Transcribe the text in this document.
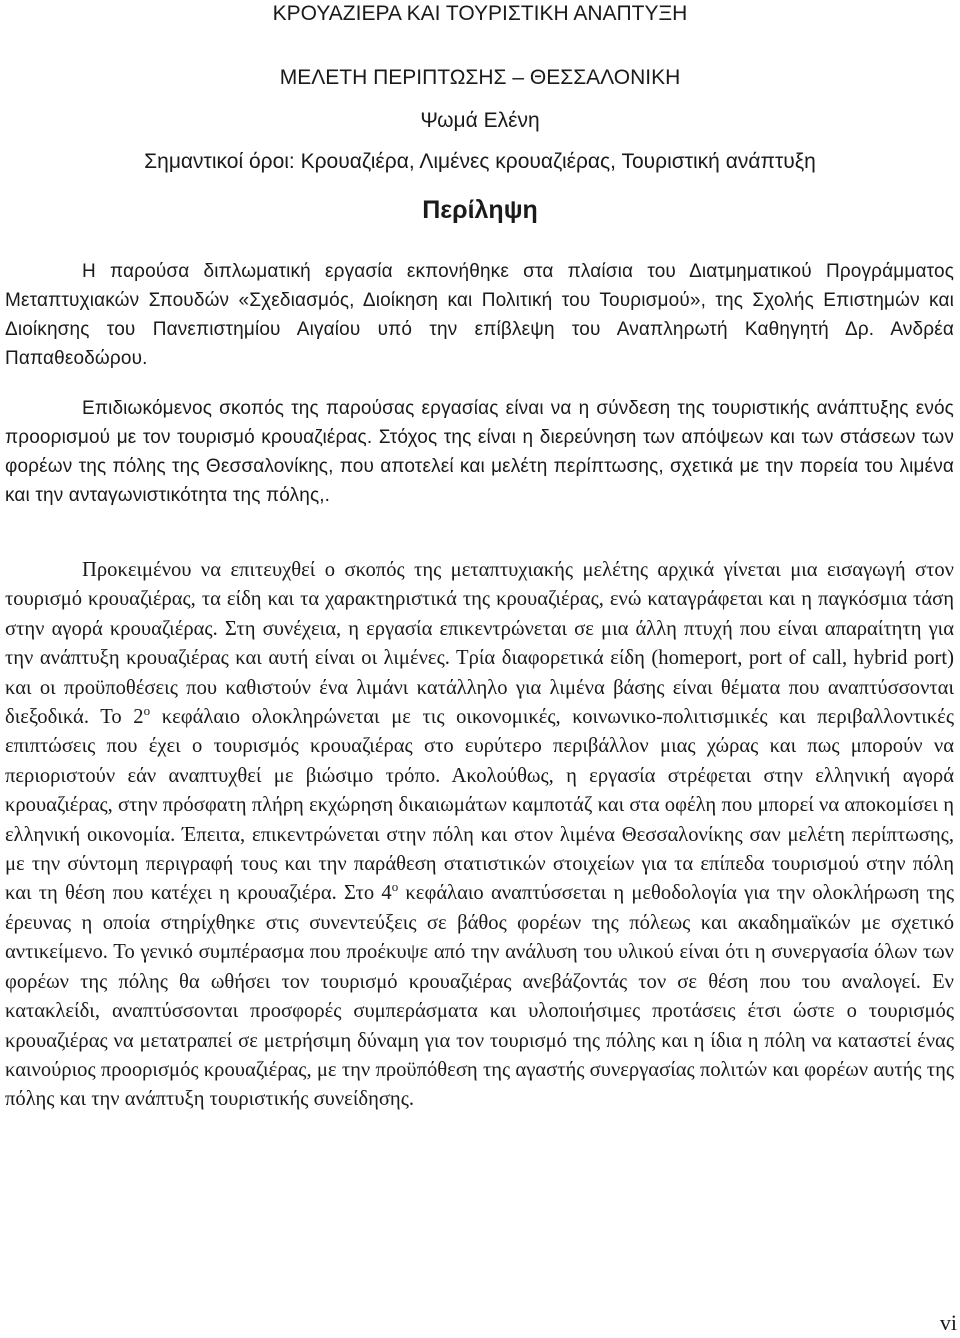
ΚΡΟΥΑΖΙΕΡΑ ΚΑΙ ΤΟΥΡΙΣΤΙΚΗ ΑΝΑΠΤΥΞΗ
ΜΕΛΕΤΗ ΠΕΡΙΠΤΩΣΗΣ – ΘΕΣΣΑΛΟΝΙΚΗ
Ψωμά Ελένη
Σημαντικοί όροι: Κρουαζιέρα, Λιμένες κρουαζιέρας, Τουριστική ανάπτυξη
Περίληψη

Η παρούσα διπλωματική εργασία εκπονήθηκε στα πλαίσια του Διατμηματικού Προγράμματος Μεταπτυχιακών Σπουδών «Σχεδιασμός, Διοίκηση και Πολιτική του Τουρισμού», της Σχολής Επιστημών και Διοίκησης του Πανεπιστημίου Αιγαίου υπό την επίβλεψη του Αναπληρωτή Καθηγητή Δρ. Ανδρέα Παπαθεοδώρου.

Επιδιωκόμενος σκοπός της παρούσας εργασίας είναι να η σύνδεση της τουριστικής ανάπτυξης ενός προορισμού με τον τουρισμό κρουαζιέρας. Στόχος της είναι η διερεύνηση των απόψεων και των στάσεων των φορέων της πόλης της Θεσσαλονίκης, που αποτελεί και μελέτη περίπτωσης, σχετικά με την πορεία του λιμένα και την ανταγωνιστικότητα της πόλης,.

Προκειμένου να επιτευχθεί ο σκοπός της μεταπτυχιακής μελέτης αρχικά γίνεται μια εισαγωγή στον τουρισμό κρουαζιέρας, τα είδη και τα χαρακτηριστικά της κρουαζιέρας, ενώ καταγράφεται και η παγκόσμια τάση στην αγορά κρουαζιέρας. Στη συνέχεια, η εργασία επικεντρώνεται σε μια άλλη πτυχή που είναι απαραίτητη για την ανάπτυξη κρουαζιέρας και αυτή είναι οι λιμένες. Τρία διαφορετικά είδη (homeport, port of call, hybrid port) και οι προϋποθέσεις που καθιστούν ένα λιμάνι κατάλληλο για λιμένα βάσης είναι θέματα που αναπτύσσονται διεξοδικά. Το $2^o$ κεφάλαιο ολοκληρώνεται με τις οικονομικές, κοινωνικο-πολιτισμικές και περιβαλλοντικές επιπτώσεις που έχει ο τουρισμός κρουαζιέρας στο ευρύτερο περιβάλλον μιας χώρας και πως μπορούν να περιοριστούν εάν αναπτυχθεί με βιώσιμο τρόπο. Ακολούθως, η εργασία στρέφεται στην ελληνική αγορά κρουαζιέρας, στην πρόσφατη πλήρη εκχώρηση δικαιωμάτων καμποτάζ και στα οφέλη που μπορεί να αποκομίσει η ελληνική οικονομία. Έπειτα, επικεντρώνεται στην πόλη και στον λιμένα Θεσσαλονίκης σαν μελέτη περίπτωσης, με την σύντομη περιγραφή τους και την παράθεση στατιστικών στοιχείων για τα επίπεδα τουρισμού στην πόλη και τη θέση που κατέχει η κρουαζιέρα. Στο $4^o$ κεφάλαιο αναπτύσσεται η μεθοδολογία για την ολοκλήρωση της έρευνας η οποία στηρίχθηκε στις συνεντεύξεις σε βάθος φορέων της πόλεως και ακαδημαϊκών με σχετικό αντικείμενο. Το γενικό συμπέρασμα που προέκυψε από την ανάλυση του υλικού είναι ότι η συνεργασία όλων των φορέων της πόλης θα ωθήσει τον τουρισμό κρουαζιέρας ανεβάζοντάς τον σε θέση που του αναλογεί. Εν κατακλείδι, αναπτύσσονται προσφορές συμπεράσματα και υλοποιήσιμες προτάσεις έτσι ώστε ο τουρισμός κρουαζιέρας να μετατραπεί σε μετρήσιμη δύναμη για τον τουρισμό της πόλης και η ίδια η πόλη να καταστεί ένας καινούριος προορισμός κρουαζιέρας, με την προϋπόθεση της αγαστής συνεργασίας πολιτών και φορέων αυτής της πόλης και την ανάπτυξη τουριστικής συνείδησης.

vi
